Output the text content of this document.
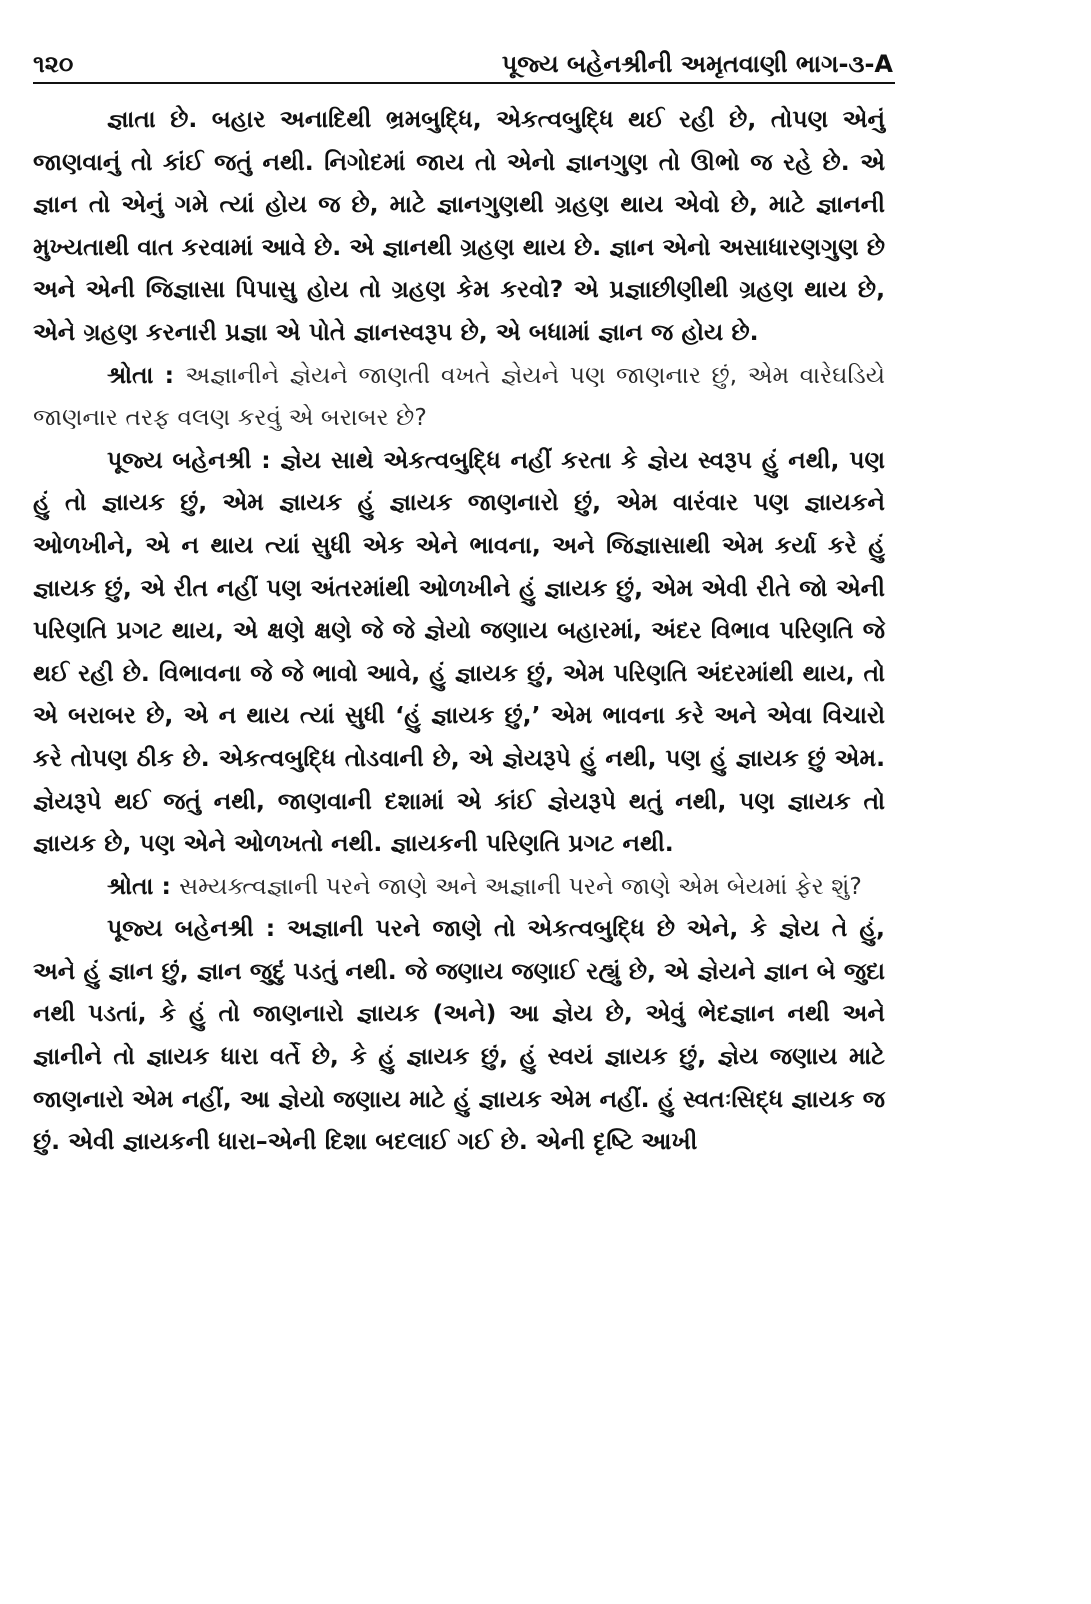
૧૨૦	પૂજ્ય બહેનશ્રીની અમૃતવાણી ભાગ-૩-A

જ્ઞાતા છે. બહાર અનાદિથી ભ્રમબુદ્ધિ, એકત્વબુદ્ધિ થઈ રહી છે, તોપણ એનું જાણવાનું તો કાંઈ જતું નથી. નિગોદમાં જાય તો એનો જ્ઞાનગુણ તો ઊભો જ રહે છે. એ જ્ઞાન તો એનું ગમે ત્યાં હોય જ છે, માટે જ્ઞાનગુણથી ગ્રહણ થાય એવો છે, માટે જ્ઞાનની મુખ્યતાથી વાત કરવામાં આવે છે. એ જ્ઞાનથી ગ્રહણ થાય છે. જ્ઞાન એનો અસાધારણગુણ છે અને એની જિજ્ઞાસા પિપાસુ હોય તો ગ્રહણ કેમ કરવો? એ પ્રજ્ઞાછીણીથી ગ્રહણ થાય છે, એને ગ્રહણ કરનારી પ્રજ્ઞા એ પોતે જ્ઞાનસ્વરૂપ છે, એ બધામાં જ્ઞાન જ હોય છે.

શ્રોતા : અજ્ઞાનીને જ્ઞેયને જાણતી વખતે જ્ઞેયને પણ જાણનાર છું, એમ વારેઘડિયે જાણનાર તરફ વલણ કરવું એ બરાબર છે?

પૂજ્ય બહેનશ્રી : જ્ઞેય સાથે એકત્વબુદ્ધિ નહીં કરતા કે જ્ઞેય સ્વરૂપ હું નથી, પણ હું તો જ્ઞાયક છું, એમ જ્ઞાયક હું જ્ઞાયક જાણનારો છું, એમ વારંવાર પણ જ્ઞાયકને ઓળખીને, એ ન થાય ત્યાં સુધી એક એને ભાવના, અને જિજ્ઞાસાથી એમ કર્યા કરે હું જ્ઞાયક છું, એ રીત નહીં પણ અંતરમાંથી ઓળખીને હું જ્ઞાયક છું, એમ એવી રીતે જો એની પરિણતિ પ્રગટ થાય, એ ક્ષણે ક્ષણે જે જે જ્ઞેયો જણાય બહારમાં, અંદર વિભાવ પરિણતિ જે થઈ રહી છે. વિભાવના જે જે ભાવો આવે, હું જ્ઞાયક છું, એમ પરિણતિ અંદરમાંથી થાય, તો એ બરાબર છે, એ ન થાય ત્યાં સુધી ‘હું જ્ઞાયક છું,’ એમ ભાવના કરે અને એવા વિચારો કરે તોપણ ઠીક છે. એકત્વબુદ્ધિ તોડવાની છે, એ જ્ઞેયરૂપે હું નથી, પણ હું જ્ઞાયક છું એમ. જ્ઞેયરૂપે થઈ જતું નથી, જાણવાની દશામાં એ કાંઈ જ્ઞેયરૂપે થતું નથી, પણ જ્ઞાયક તો જ્ઞાયક છે, પણ એને ઓળખતો નથી. જ્ઞાયકની પરિણતિ પ્રગટ નથી.

શ્રોતા : સમ્યક્ત્વજ્ઞાની પરને જાણે અને અજ્ઞાની પરને જાણે એમ બેયમાં ફેર શું?

પૂજ્ય બહેનશ્રી : અજ્ઞાની પરને જાણે તો એકત્વબુદ્ધિ છે એને, કે જ્ઞેય તે હું, અને હું જ્ઞાન છું, જ્ઞાન જુદું પડતું નથી. જે જણાય જણાઈ રહ્યું છે, એ જ્ઞેયને જ્ઞાન બે જુદા નથી પડતાં, કે હું તો જાણનારો જ્ઞાયક (અને) આ જ્ઞેય છે, એવું ભેદજ્ઞાન નથી અને જ્ઞાનીને તો જ્ઞાયક ધારા વર્તે છે, કે હું જ્ઞાયક છું, હું સ્વયં જ્ઞાયક છું, જ્ઞેય જણાય માટે જાણનારો એમ નહીં, આ જ્ઞેયો જણાય માટે હું જ્ઞાયક એમ નહીં. હું સ્વતઃસિદ્ધ જ્ઞાયક જ છું. એવી જ્ઞાયકની ધારા–એની દિશા બદલાઈ ગઈ છે. એની દૃષ્ટિ આખી
